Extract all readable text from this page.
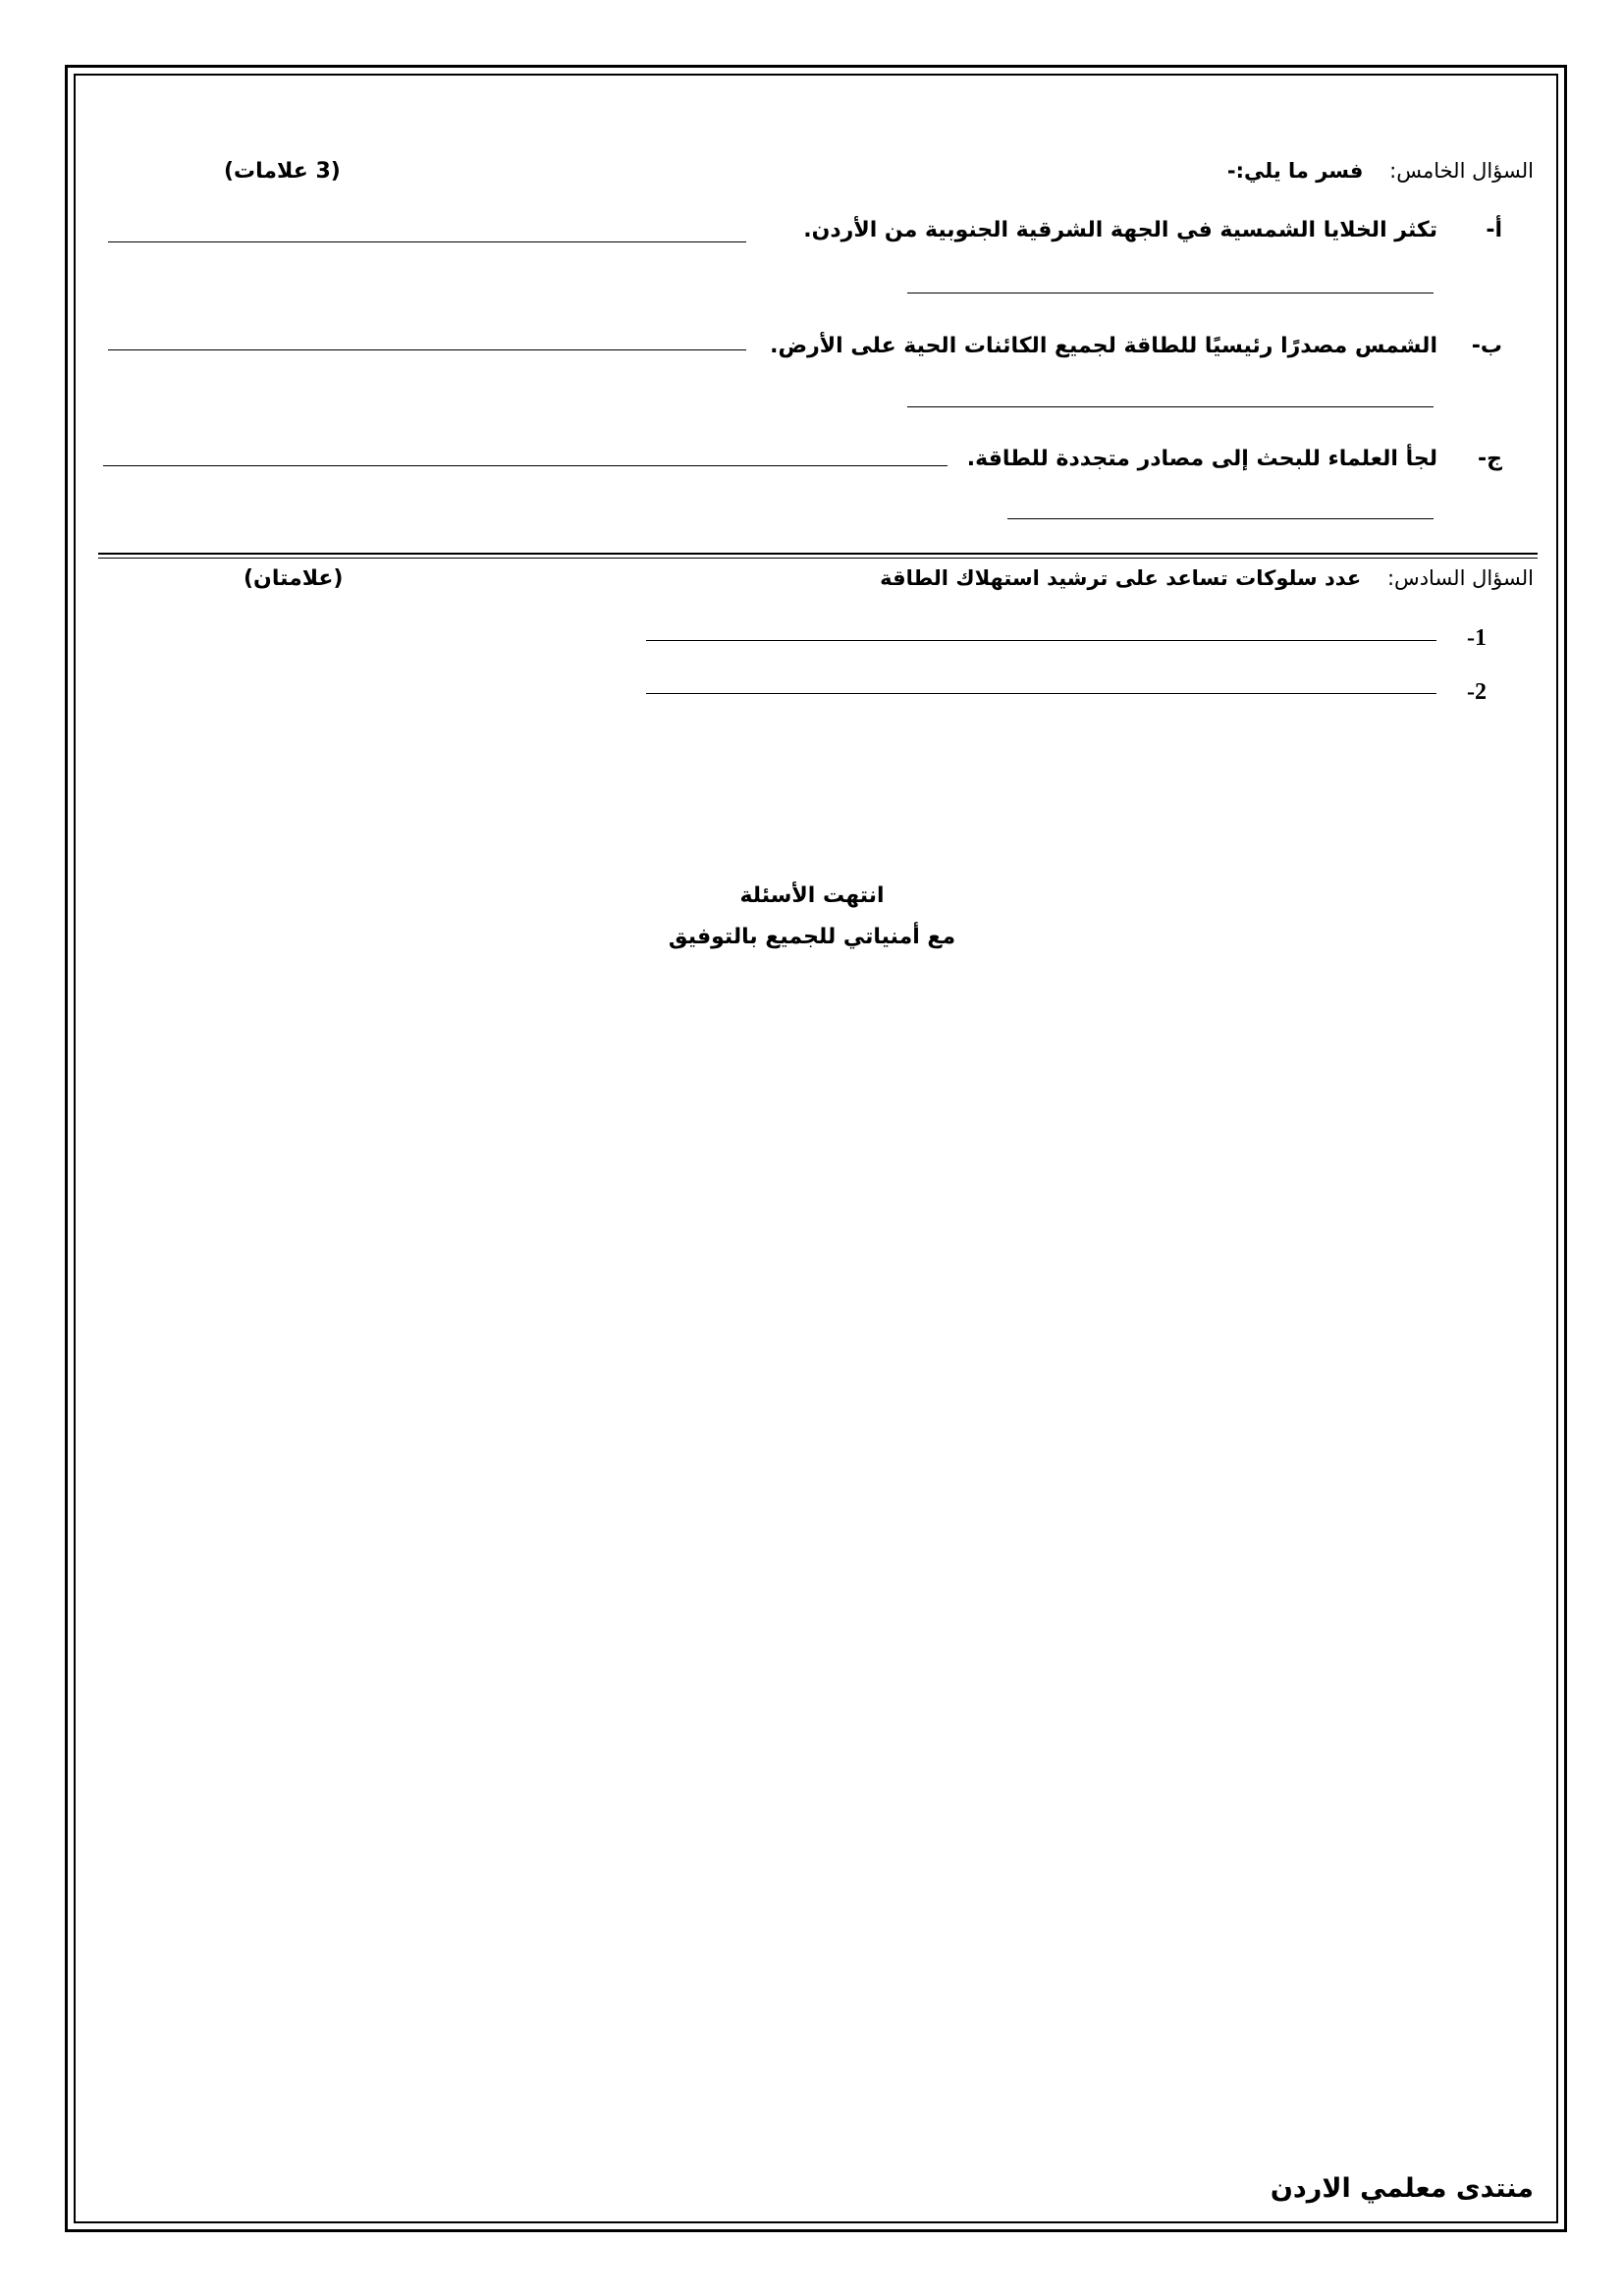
السؤال الخامس:    فسر ما يلي:-
(3 علامات)
أ-
تكثر الخلايا الشمسية في الجهة الشرقية الجنوبية من الأردن.
ب-
الشمس مصدرًا رئيسيًا للطاقة لجميع الكائنات الحية على الأرض.
ج-
لجأ العلماء للبحث إلى مصادر متجددة للطاقة.
السؤال السادس:    عدد سلوكات تساعد على ترشيد استهلاك الطاقة
(علامتان)
1-
2-
انتهت الأسئلة
مع أمنياتي للجميع بالتوفيق
منتدى معلمي الاردن
